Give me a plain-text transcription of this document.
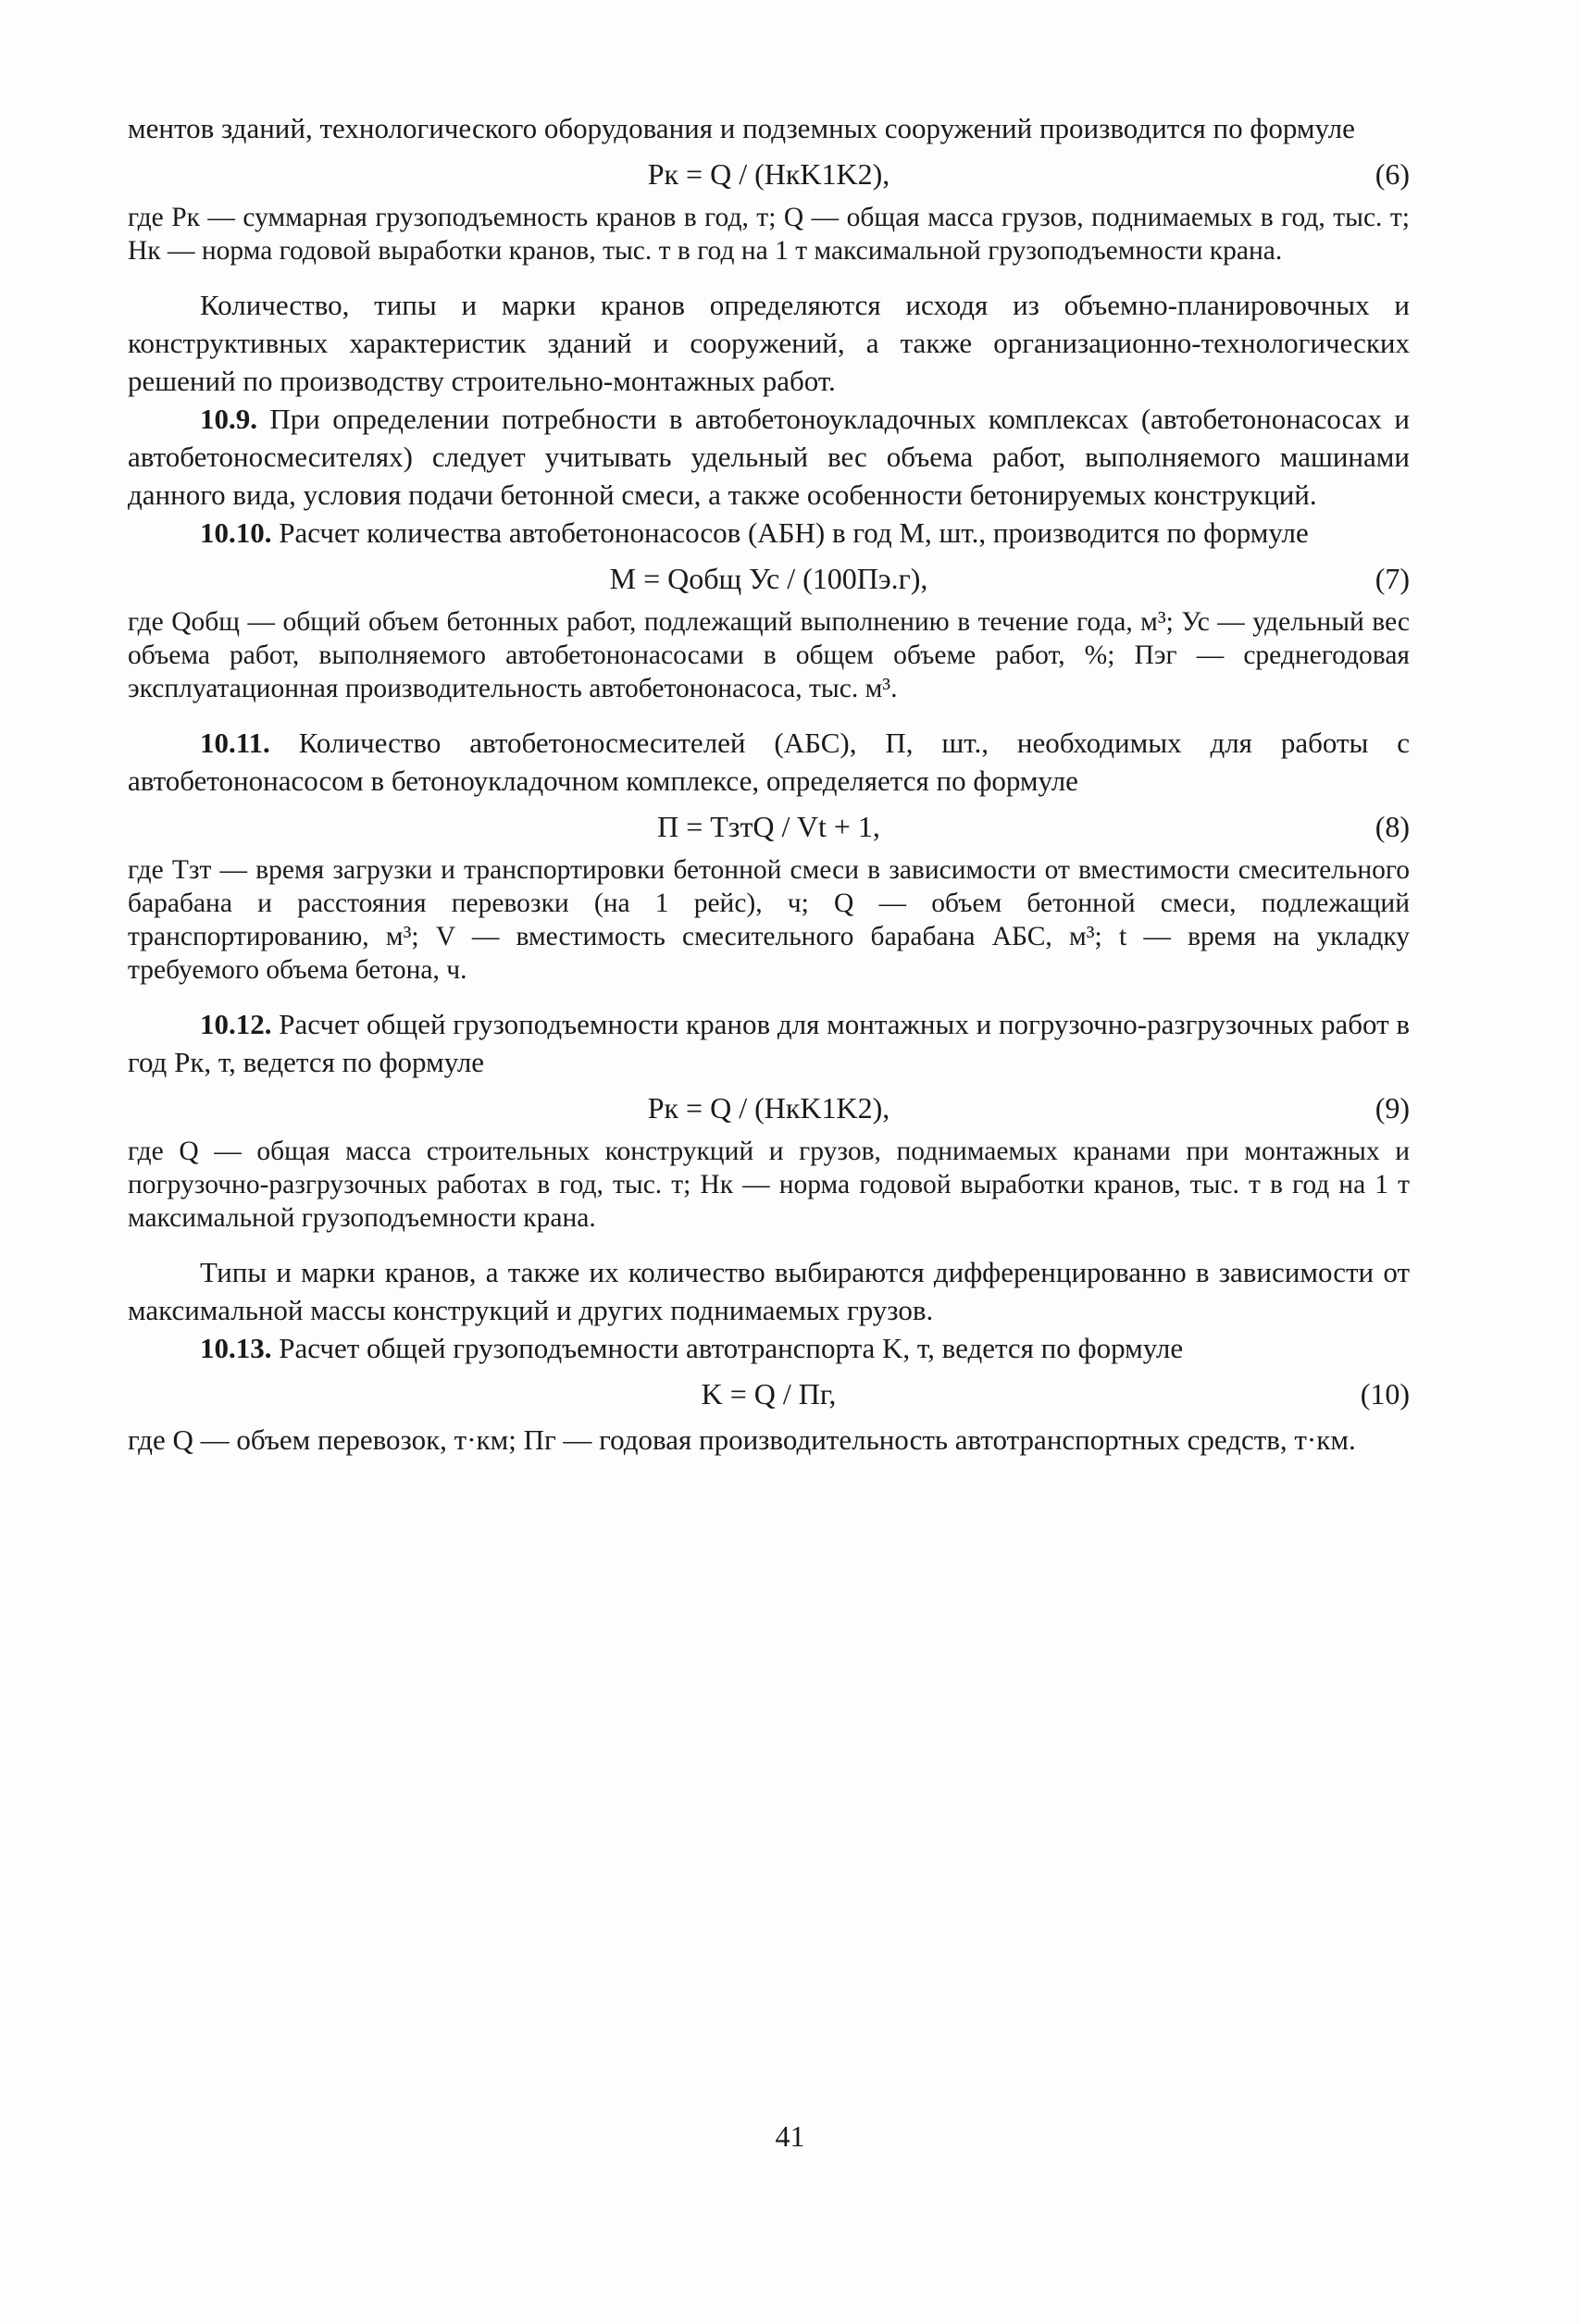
ментов зданий, технологического оборудования и подземных сооружений производится по формуле

Pк = Q / (HкK1K2),	(6)

где Pк — суммарная грузоподъемность кранов в год, т; Q — общая масса грузов, поднимаемых в год, тыс. т; Hк — норма годовой выработки кранов, тыс. т в год на 1 т максимальной грузоподъемности крана.

Количество, типы и марки кранов определяются исходя из объемно-планировочных и конструктивных характеристик зданий и сооружений, а также организационно-технологических решений по производству строительно-монтажных работ.

10.9. При определении потребности в автобетоноукладочных комплексах (автобетононасосах и автобетоносмесителях) следует учитывать удельный вес объема работ, выполняемого машинами данного вида, условия подачи бетонной смеси, а также особенности бетонируемых конструкций.

10.10. Расчет количества автобетононасосов (АБН) в год M, шт., производится по формуле

M = Qобщ Ус / (100Пэ.г),	(7)

где Qобщ — общий объем бетонных работ, подлежащий выполнению в течение года, м³; Ус — удельный вес объема работ, выполняемого автобетононасосами в общем объеме работ, %; Пэг — среднегодовая эксплуатационная производительность автобетононасоса, тыс. м³.

10.11. Количество автобетоносмесителей (АБС), П, шт., необходимых для работы с автобетононасосом в бетоноукладочном комплексе, определяется по формуле

П = TзтQ / Vt + 1,	(8)

где Tзт — время загрузки и транспортировки бетонной смеси в зависимости от вместимости смесительного барабана и расстояния перевозки (на 1 рейс), ч; Q — объем бетонной смеси, подлежащий транспортированию, м³; V — вместимость смесительного барабана АБС, м³; t — время на укладку требуемого объема бетона, ч.

10.12. Расчет общей грузоподъемности кранов для монтажных и погрузочно-разгрузочных работ в год Pк, т, ведется по формуле

Pк = Q / (HкK1K2),	(9)

где Q — общая масса строительных конструкций и грузов, поднимаемых кранами при монтажных и погрузочно-разгрузочных работах в год, тыс. т; Hк — норма годовой выработки кранов, тыс. т в год на 1 т максимальной грузоподъемности крана.

Типы и марки кранов, а также их количество выбираются дифференцированно в зависимости от максимальной массы конструкций и других поднимаемых грузов.

10.13. Расчет общей грузоподъемности автотранспорта K, т, ведется по формуле

K = Q / Пг,	(10)

где Q — объем перевозок, т·км; Пг — годовая производительность автотранспортных средств, т·км.

41
